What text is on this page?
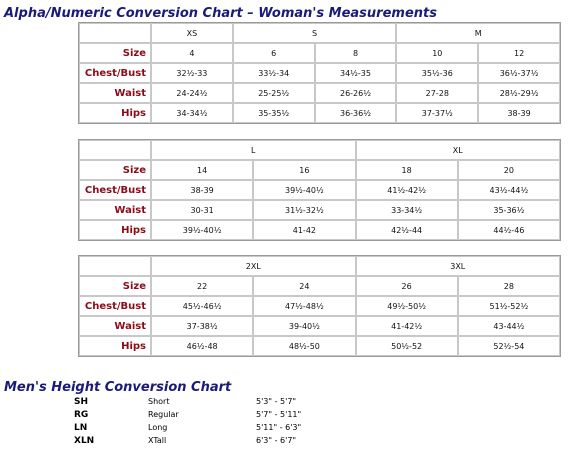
Alpha/Numeric Conversion Chart – Woman's Measurements
	XS	S		M	
Size	4	6	8	10	12
Chest/Bust	32½-33	33½-34	34½-35	35½-36	36½-37½
Waist	24-24½	25-25½	26-26½	27-28	28½-29½
Hips	34-34½	35-35½	36-36½	37-37½	38-39
	L		XL	
Size	14	16	18	20
Chest/Bust	38-39	39½-40½	41½-42½	43½-44½
Waist	30-31	31½-32½	33-34½	35-36½
Hips	39½-40½	41-42	42½-44	44½-46
	2XL		3XL	
Size	22	24	26	28
Chest/Bust	45½-46½	47½-48½	49½-50½	51½-52½
Waist	37-38½	39-40½	41-42½	43-44½
Hips	46½-48	48½-50	50½-52	52½-54
Men's Height Conversion Chart
SH	Short	5'3" - 5'7"
RG	Regular	5'7" - 5'11"
LN	Long	5'11" - 6'3"
XLN	XTall	6'3" - 6'7"
